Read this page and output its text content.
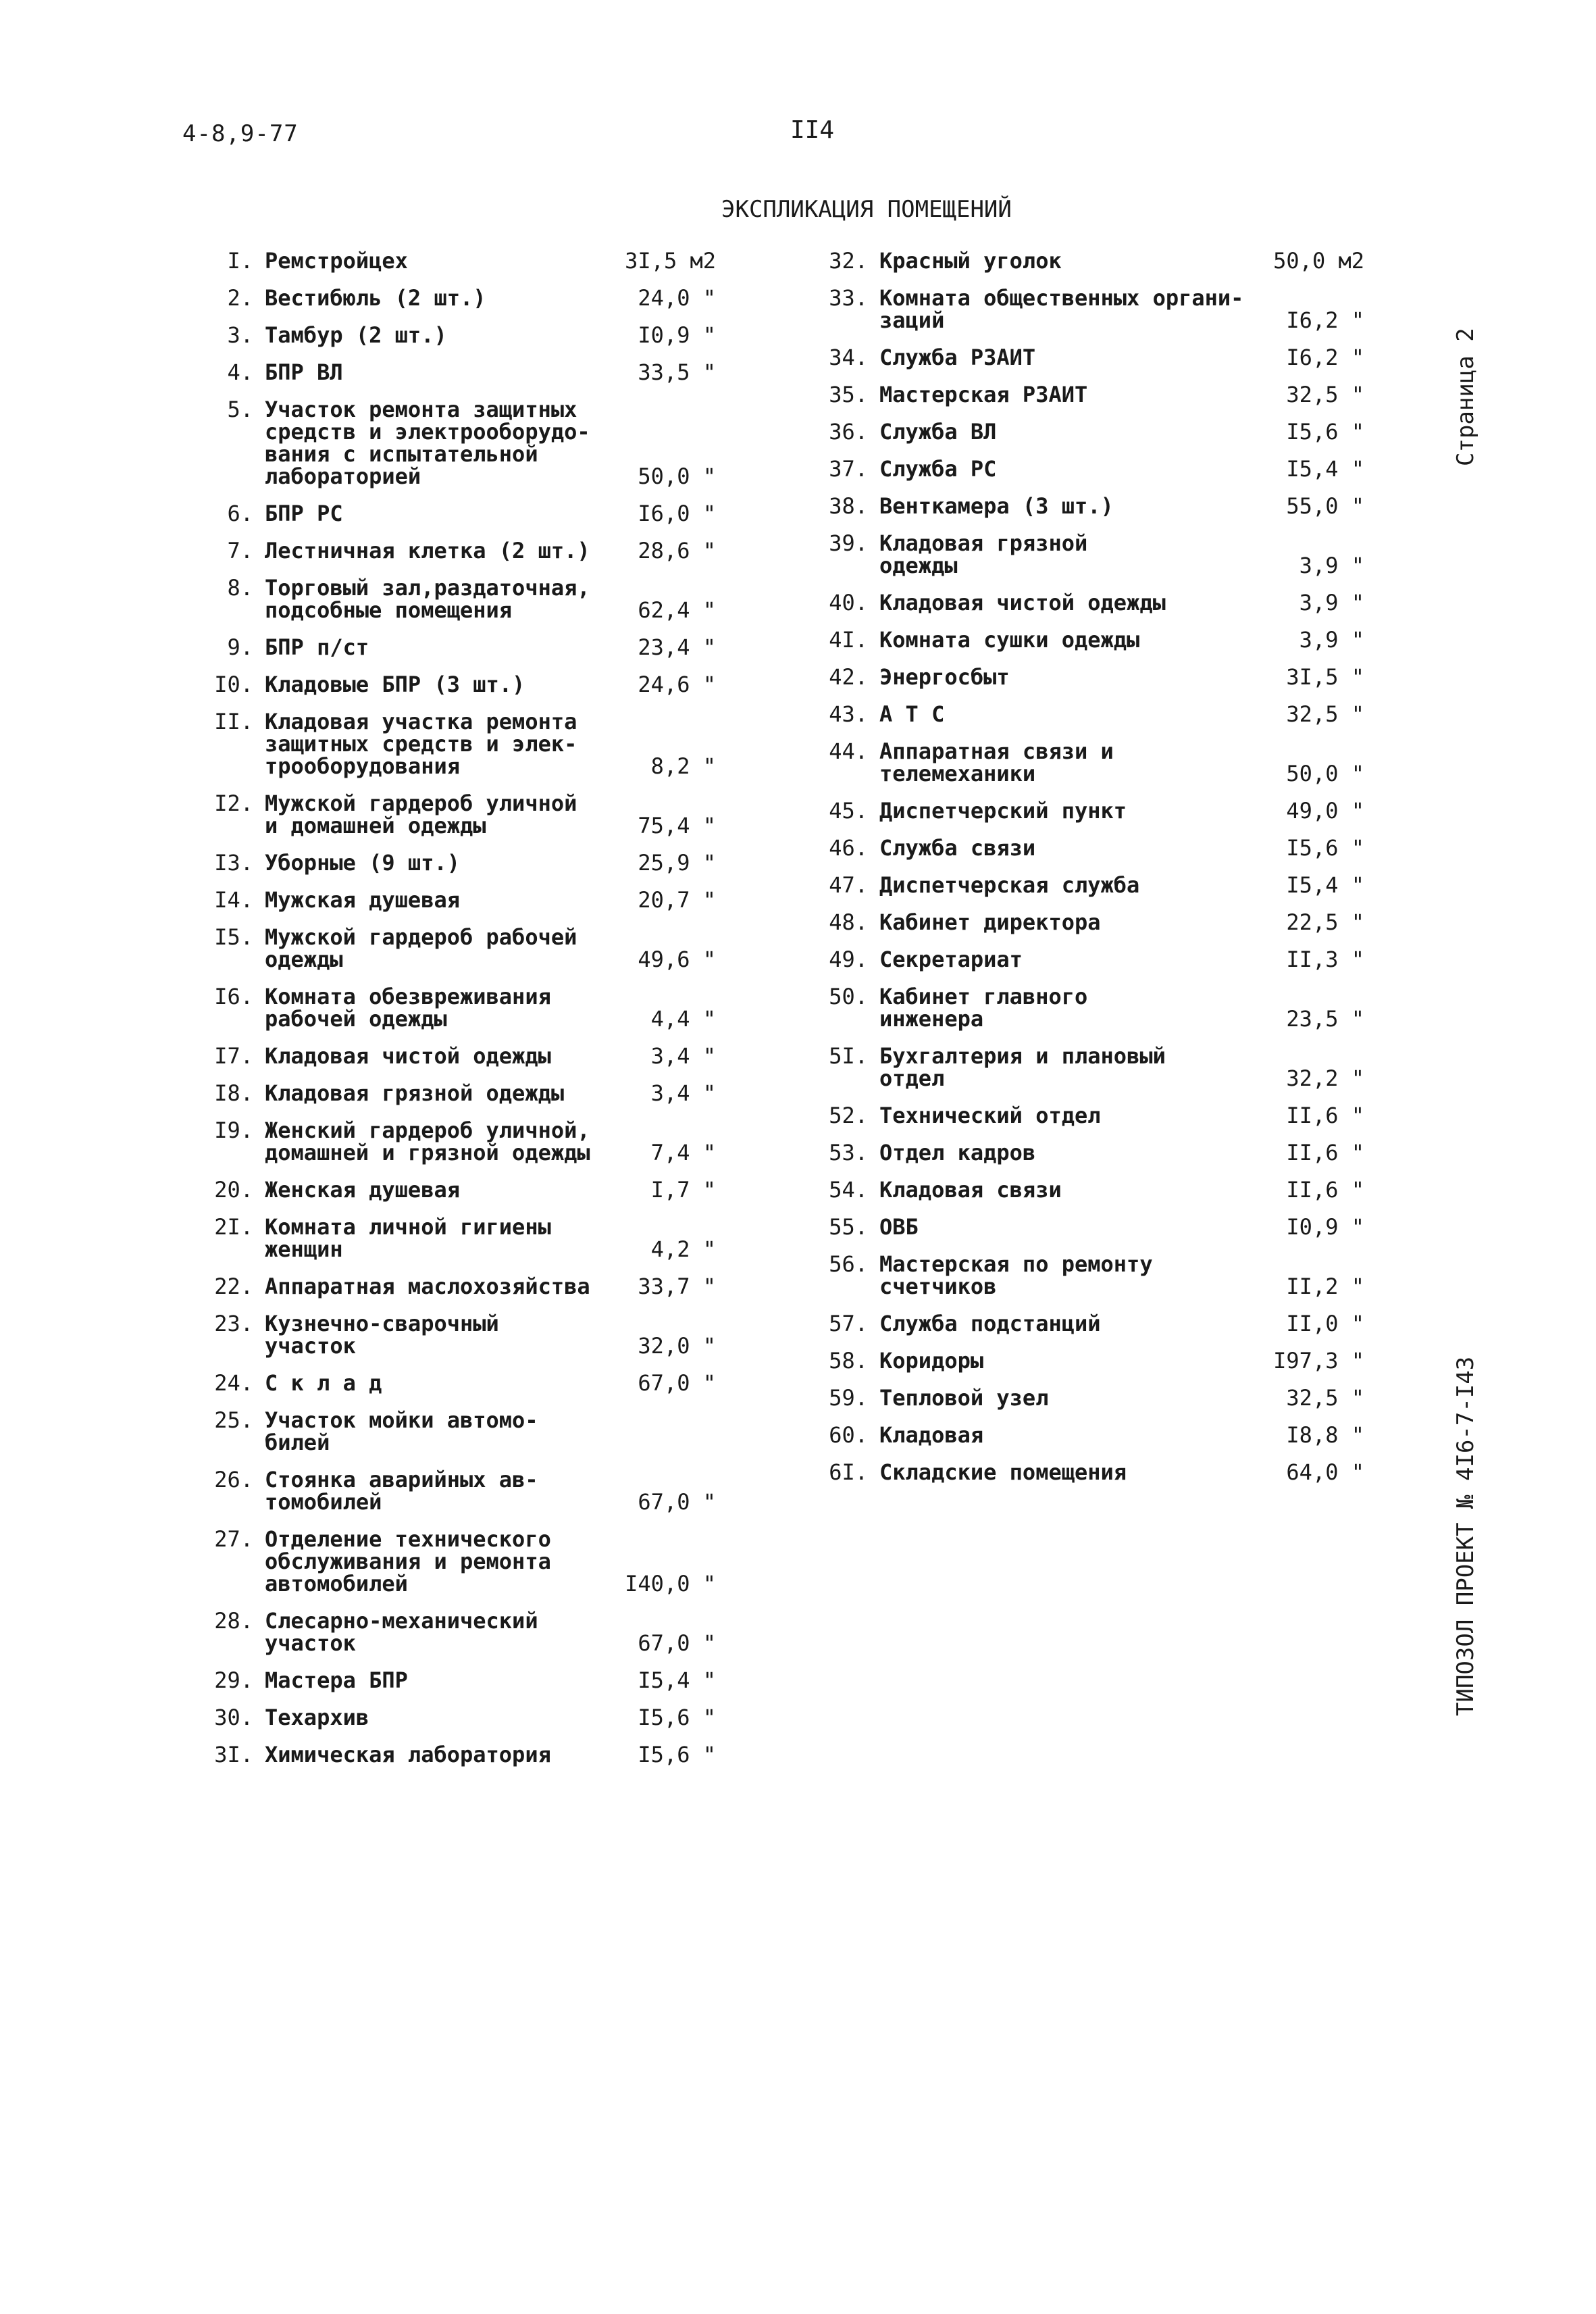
4-8,9-77	II4
ЭКСПЛИКАЦИЯ ПОМЕЩЕНИЙ
I. Ремстройцех	3I,5 м2
2. Вестибюль (2 шт.)	24,0 "
3. Тамбур (2 шт.)	I0,9 "
4. БПР ВЛ	33,5 "
5. Участок ремонта защитных
средств и электрооборудо-
вания с испытательной
лабораторией	50,0 "
6. БПР РС	I6,0 "
7. Лестничная клетка (2 шт.)	28,6 "
8. Торговый зал,раздаточная,
подсобные помещения	62,4 "
9. БПР п/ст	23,4 "
I0. Кладовые БПР (3 шт.)	24,6 "
II. Кладовая участка ремонта
защитных средств и элек-
трооборудования	8,2 "
I2. Мужской гардероб уличной
и домашней одежды	75,4 "
I3. Уборные (9 шт.)	25,9 "
I4. Мужская душевая	20,7 "
I5. Мужской гардероб рабочей
одежды	49,6 "
I6. Комната обезвреживания
рабочей одежды	4,4 "
I7. Кладовая чистой одежды	3,4 "
I8. Кладовая грязной одежды	3,4 "
I9. Женский гардероб уличной,
домашней и грязной одежды	7,4 "
20. Женская душевая	I,7 "
2I. Комната личной гигиены
женщин	4,2 "
22. Аппаратная маслохозяйства	33,7 "
23. Кузнечно-сварочный
участок	32,0 "
24. С к л а д	67,0 "
25. Участок мойки автомо-
билей
26. Стоянка аварийных ав-
томобилей	67,0 "
27. Отделение технического
обслуживания и ремонта
автомобилей	I40,0 "
28. Слесарно-механический
участок	67,0 "
29. Мастера БПР	I5,4 "
30. Техархив	I5,6 "
3I. Химическая лаборатория	I5,6 "
32. Красный уголок	50,0 м2
33. Комната общественных органи-
заций	I6,2 "
34. Служба РЗАИТ	I6,2 "
35. Мастерская РЗАИТ	32,5 "
36. Служба ВЛ	I5,6 "
37. Служба РС	I5,4 "
38. Венткамера (3 шт.)	55,0 "
39. Кладовая грязной
одежды	3,9 "
40. Кладовая чистой одежды	3,9 "
4I. Комната сушки одежды	3,9 "
42. Энергосбыт	3I,5 "
43. А Т С	32,5 "
44. Аппаратная связи и
телемеханики	50,0 "
45. Диспетчерский пункт	49,0 "
46. Служба связи	I5,6 "
47. Диспетчерская служба	I5,4 "
48. Кабинет директора	22,5 "
49. Секретариат	II,3 "
50. Кабинет главного
инженера	23,5 "
5I. Бухгалтерия и плановый
отдел	32,2 "
52. Технический отдел	II,6 "
53. Отдел кадров	II,6 "
54. Кладовая связи	II,6 "
55. ОВБ	I0,9 "
56. Мастерская по ремонту
счетчиков	II,2 "
57. Служба подстанций	II,0 "
58. Коридоры	I97,3 "
59. Тепловой узел	32,5 "
60. Кладовая	I8,8 "
6I. Складские помещения	64,0 "
Страница 2
ТИПОЗОЛ ПРОЕКТ № 4I6-7-I43
